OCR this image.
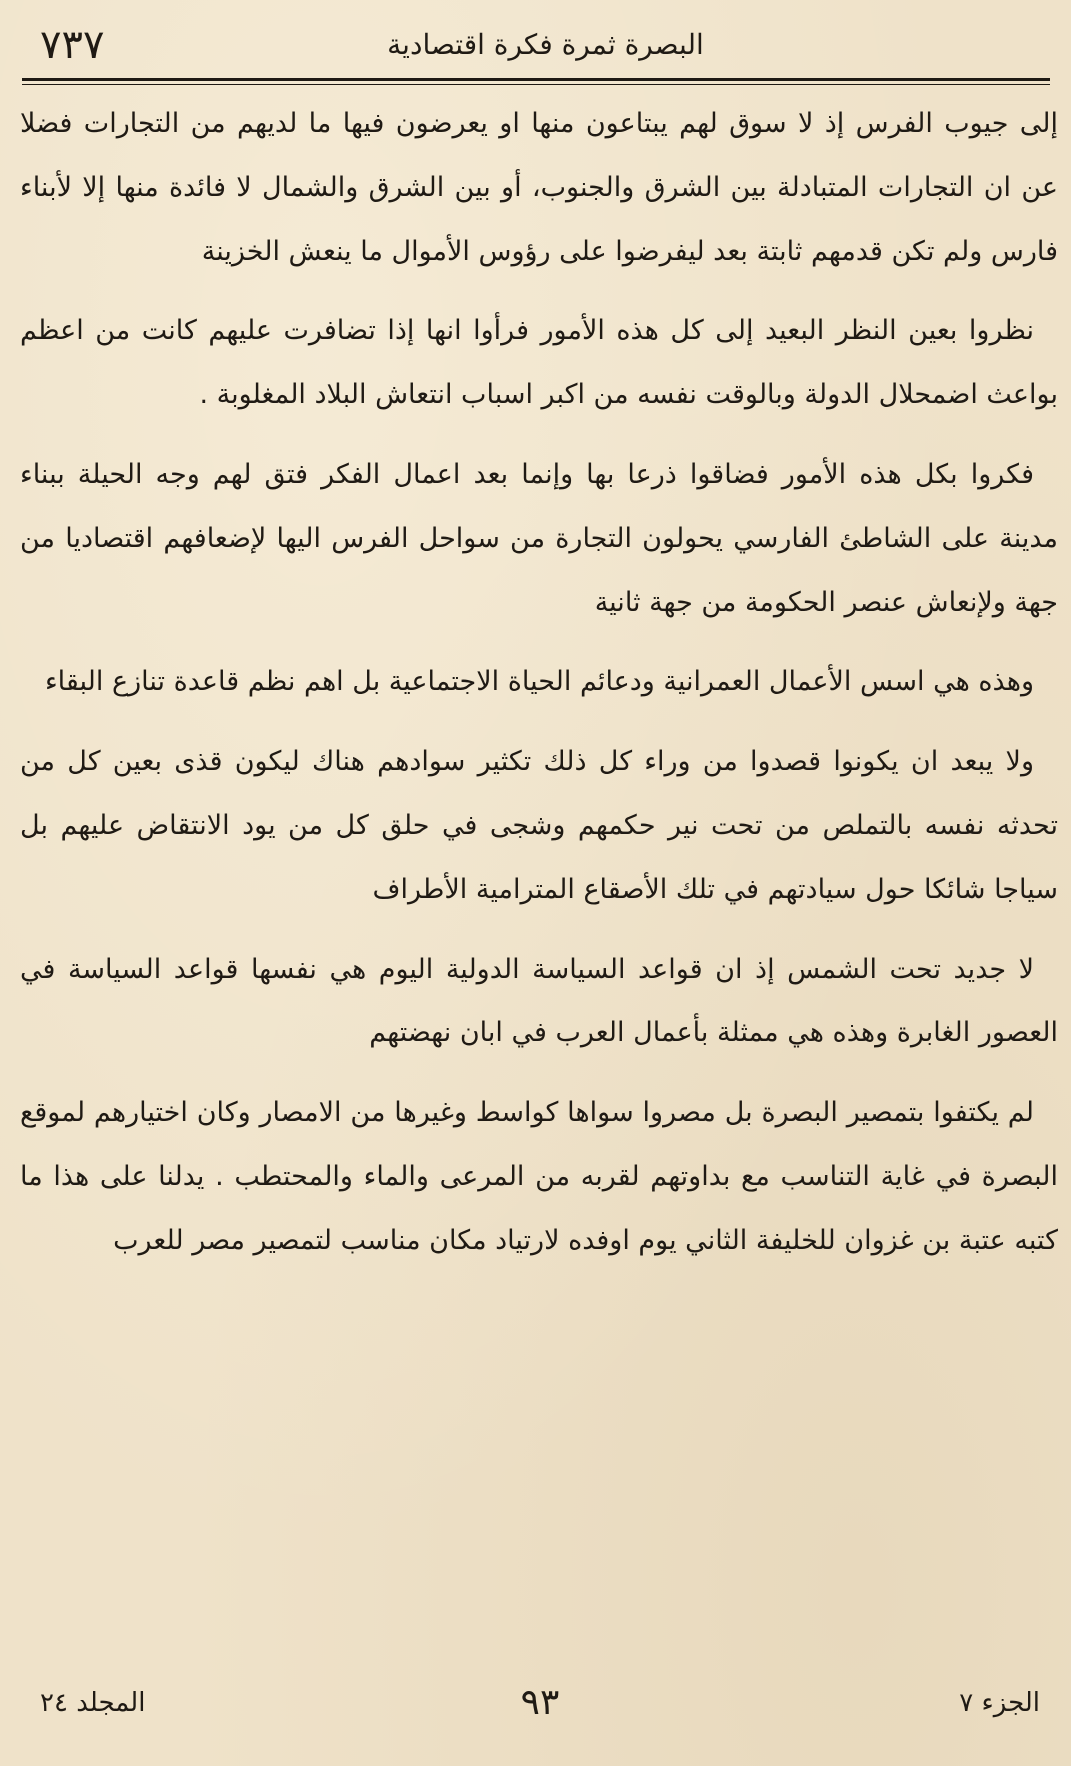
البصرة ثمرة فكرة اقتصادية
٧٣٧

إلى جيوب الفرس إذ لا سوق لهم يبتاعون منها او يعرضون فيها ما لديهم من التجارات فضلا عن ان التجارات المتبادلة بين الشرق والجنوب، أو بين الشرق والشمال لا فائدة منها إلا لأبناء فارس ولم تكن قدمهم ثابتة بعد ليفرضوا على رؤوس الأموال ما ينعش الخزينة

نظروا بعين النظر البعيد إلى كل هذه الأمور فرأوا انها إذا تضافرت عليهم كانت من اعظم بواعث اضمحلال الدولة وبالوقت نفسه من اكبر اسباب انتعاش البلاد المغلوبة .

فكروا بكل هذه الأمور فضاقوا ذرعا بها وإنما بعد اعمال الفكر فتق لهم وجه الحيلة ببناء مدينة على الشاطئ الفارسي يحولون التجارة من سواحل الفرس اليها لإضعافهم اقتصاديا من جهة ولإنعاش عنصر الحكومة من جهة ثانية

وهذه هي اسس الأعمال العمرانية ودعائم الحياة الاجتماعية بل اهم نظم قاعدة تنازع البقاء

ولا يبعد ان يكونوا قصدوا من وراء كل ذلك تكثير سوادهم هناك ليكون قذى بعين كل من تحدثه نفسه بالتملص من تحت نير حكمهم وشجى في حلق كل من يود الانتقاض عليهم بل سياجا شائكا حول سيادتهم في تلك الأصقاع المترامية الأطراف

لا جديد تحت الشمس إذ ان قواعد السياسة الدولية اليوم هي نفسها قواعد السياسة في العصور الغابرة وهذه هي ممثلة بأعمال العرب في ابان نهضتهم

لم يكتفوا بتمصير البصرة بل مصروا سواها كواسط وغيرها من الامصار وكان اختيارهم لموقع البصرة في غاية التناسب مع بداوتهم لقربه من المرعى والماء والمحتطب . يدلنا على هذا ما كتبه عتبة بن غزوان للخليفة الثاني يوم اوفده لارتياد مكان مناسب لتمصير مصر للعرب

الجزء ٧
٩٣
المجلد ٢٤
